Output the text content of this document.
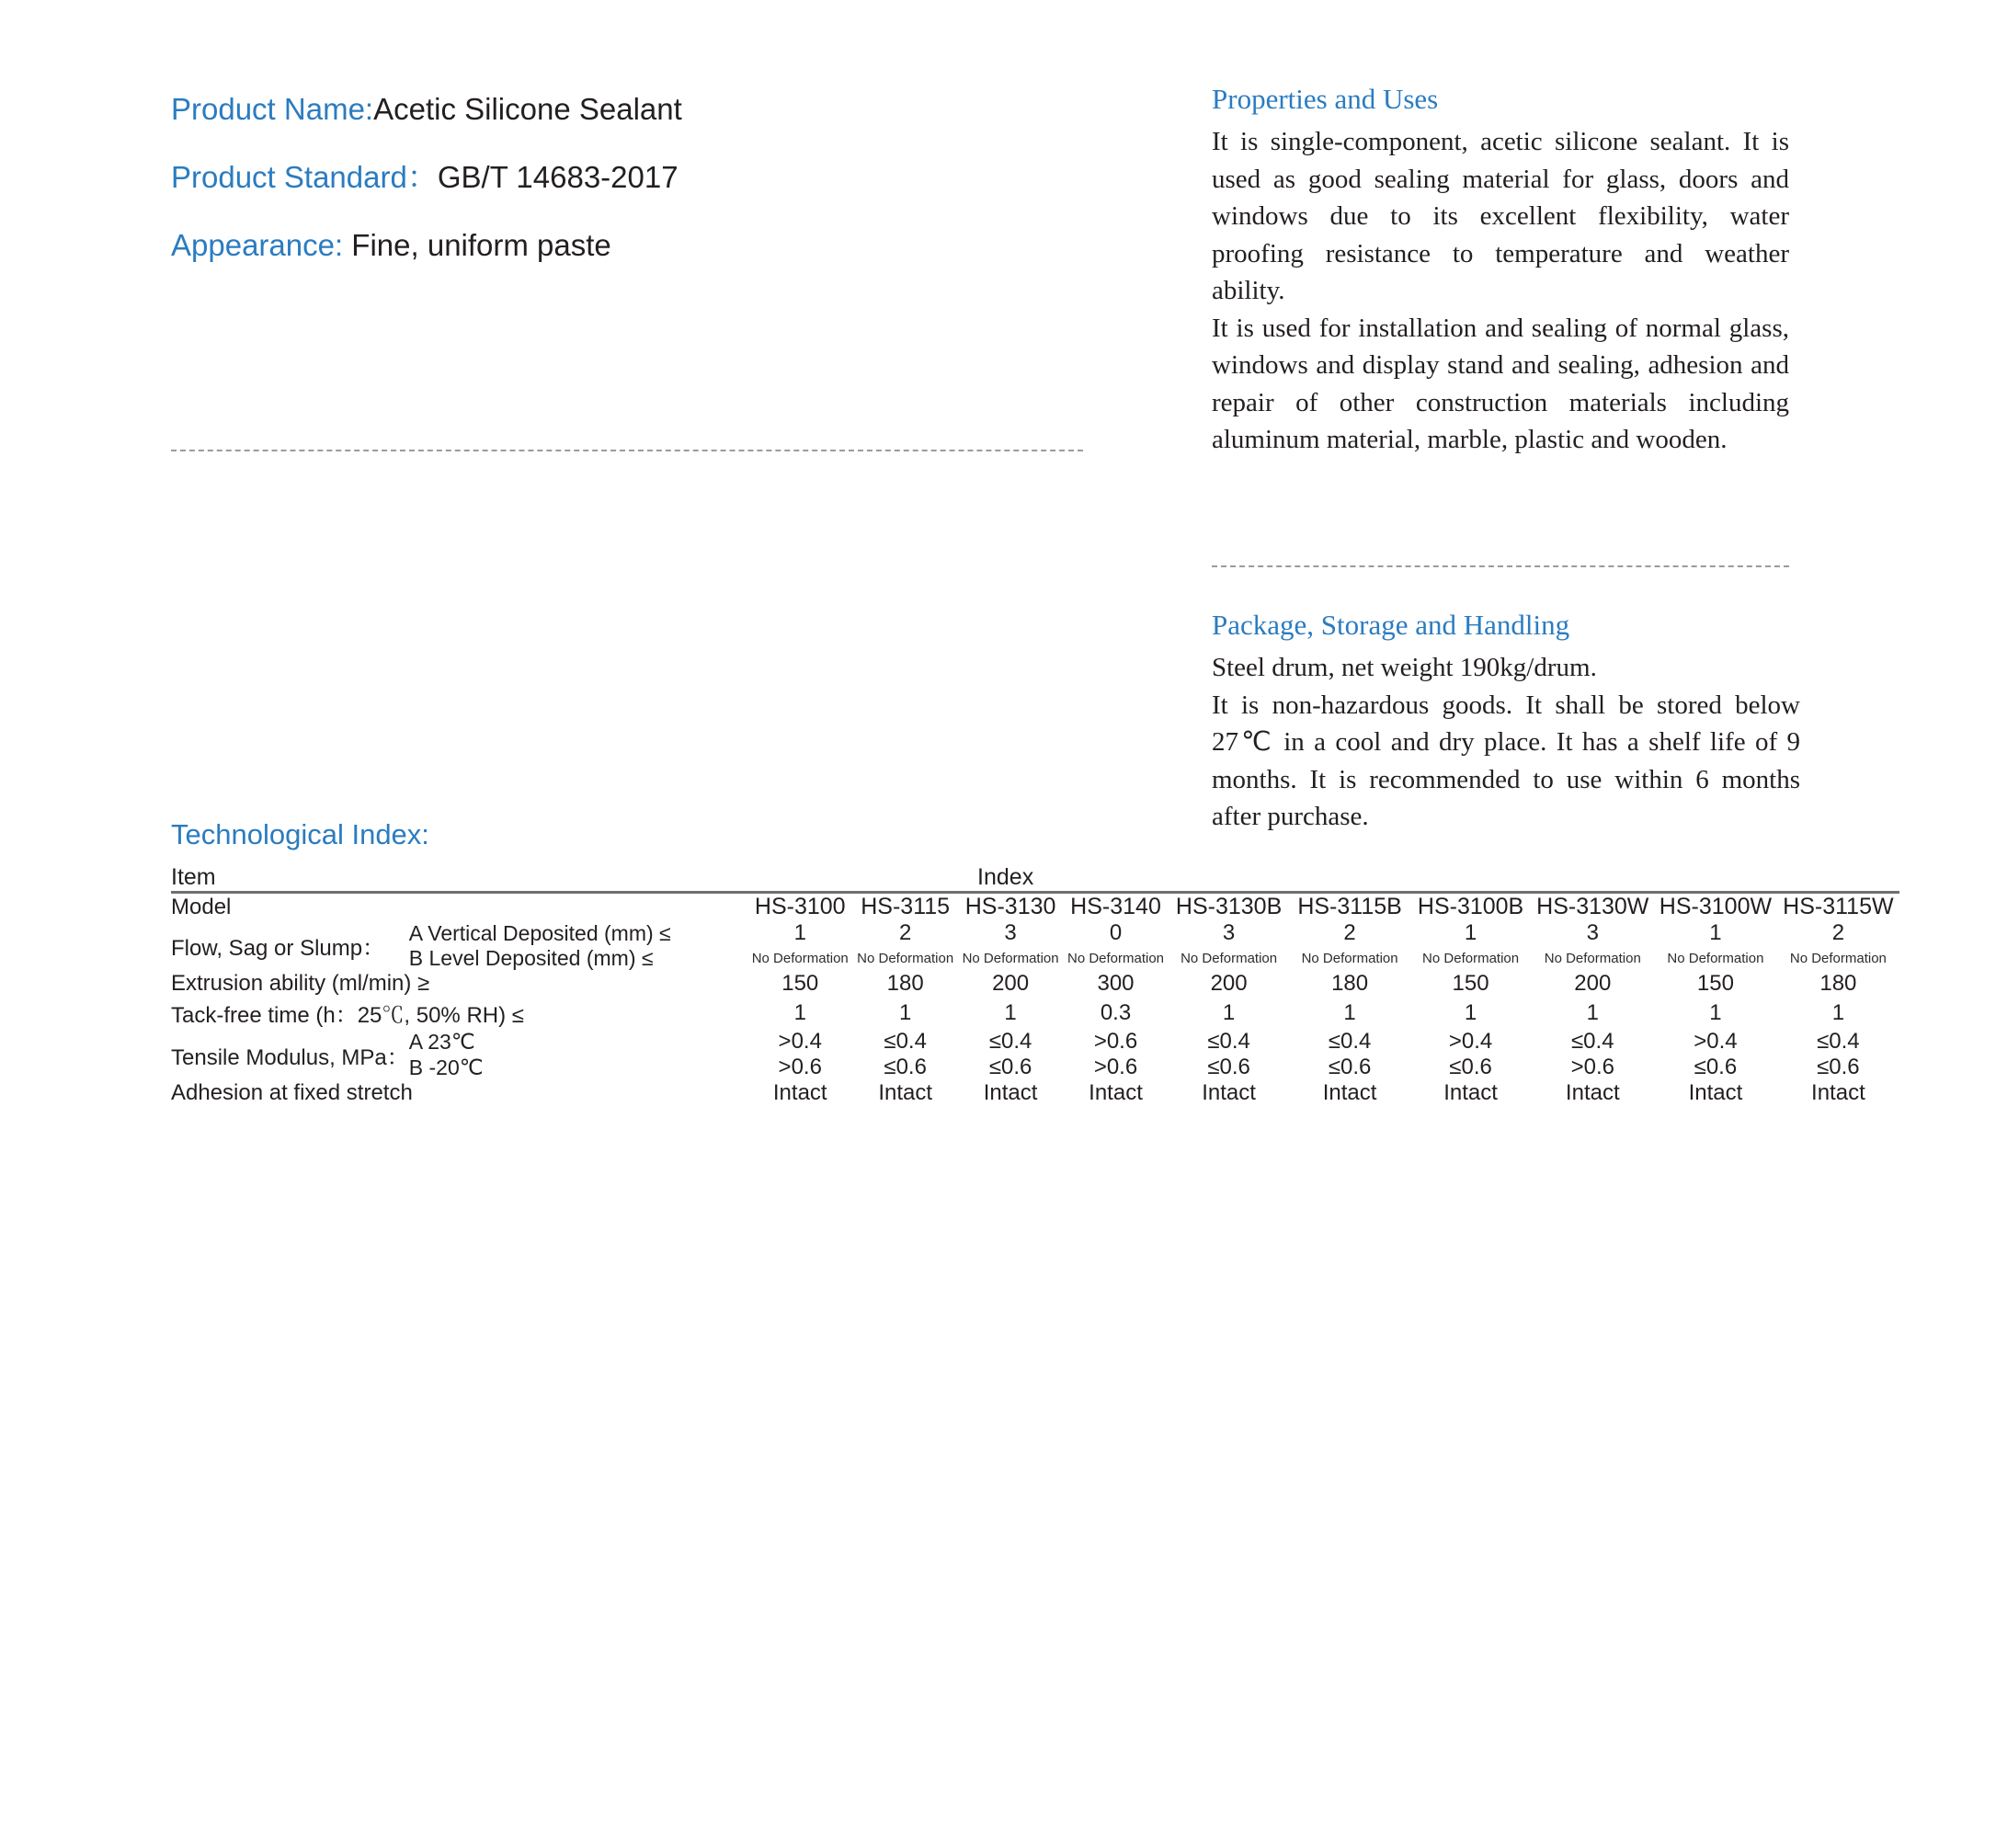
Product Name:Acetic Silicone Sealant
Product Standard：GB/T 14683-2017
Appearance: Fine, uniform paste
Properties and Uses

It is single-component, acetic silicone sealant. It is used as good sealing material for glass, doors and windows due to its excellent flexibility, water proofing resistance to temperature and weather ability.

It is used for installation and sealing of normal glass, windows and display stand and sealing, adhesion and repair of other construction materials including aluminum material, marble, plastic and wooden.

Package, Storage and Handling

Steel drum, net weight 190kg/drum.

It is non-hazardous goods. It shall be stored below 27℃ in a cool and dry place. It has a shelf life of 9 months. It is recommended to use within 6 months after purchase.

Technological Index:
Item		Index									

Model		HS-3100	HS-3115	HS-3130	HS-3140	HS-3130B	HS-3115B	HS-3100B	HS-3130W	HS-3100W	HS-3115W
Flow, Sag or Slump：	A Vertical Deposited (mm) ≤	1	2	3	0	3	2	1	3	1	2
	B Level Deposited (mm) ≤	No Deformation	No Deformation	No Deformation	No Deformation	No Deformation	No Deformation	No Deformation	No Deformation	No Deformation	No Deformation
Extrusion ability (ml/min) ≥		150	180	200	300	200	180	150	200	150	180
Tack-free time (h：25℃, 50% RH) ≤		1	1	1	0.3	1	1	1	1	1	1
Tensile Modulus, MPa：	A 23℃	>0.4	≤0.4	≤0.4	>0.6	≤0.4	≤0.4	>0.4	≤0.4	>0.4	≤0.4
	B -20℃	>0.6	≤0.6	≤0.6	>0.6	≤0.6	≤0.6	≤0.6	>0.6	≤0.6	≤0.6
Adhesion at fixed stretch		Intact	Intact	Intact	Intact	Intact	Intact	Intact	Intact	Intact	Intact
